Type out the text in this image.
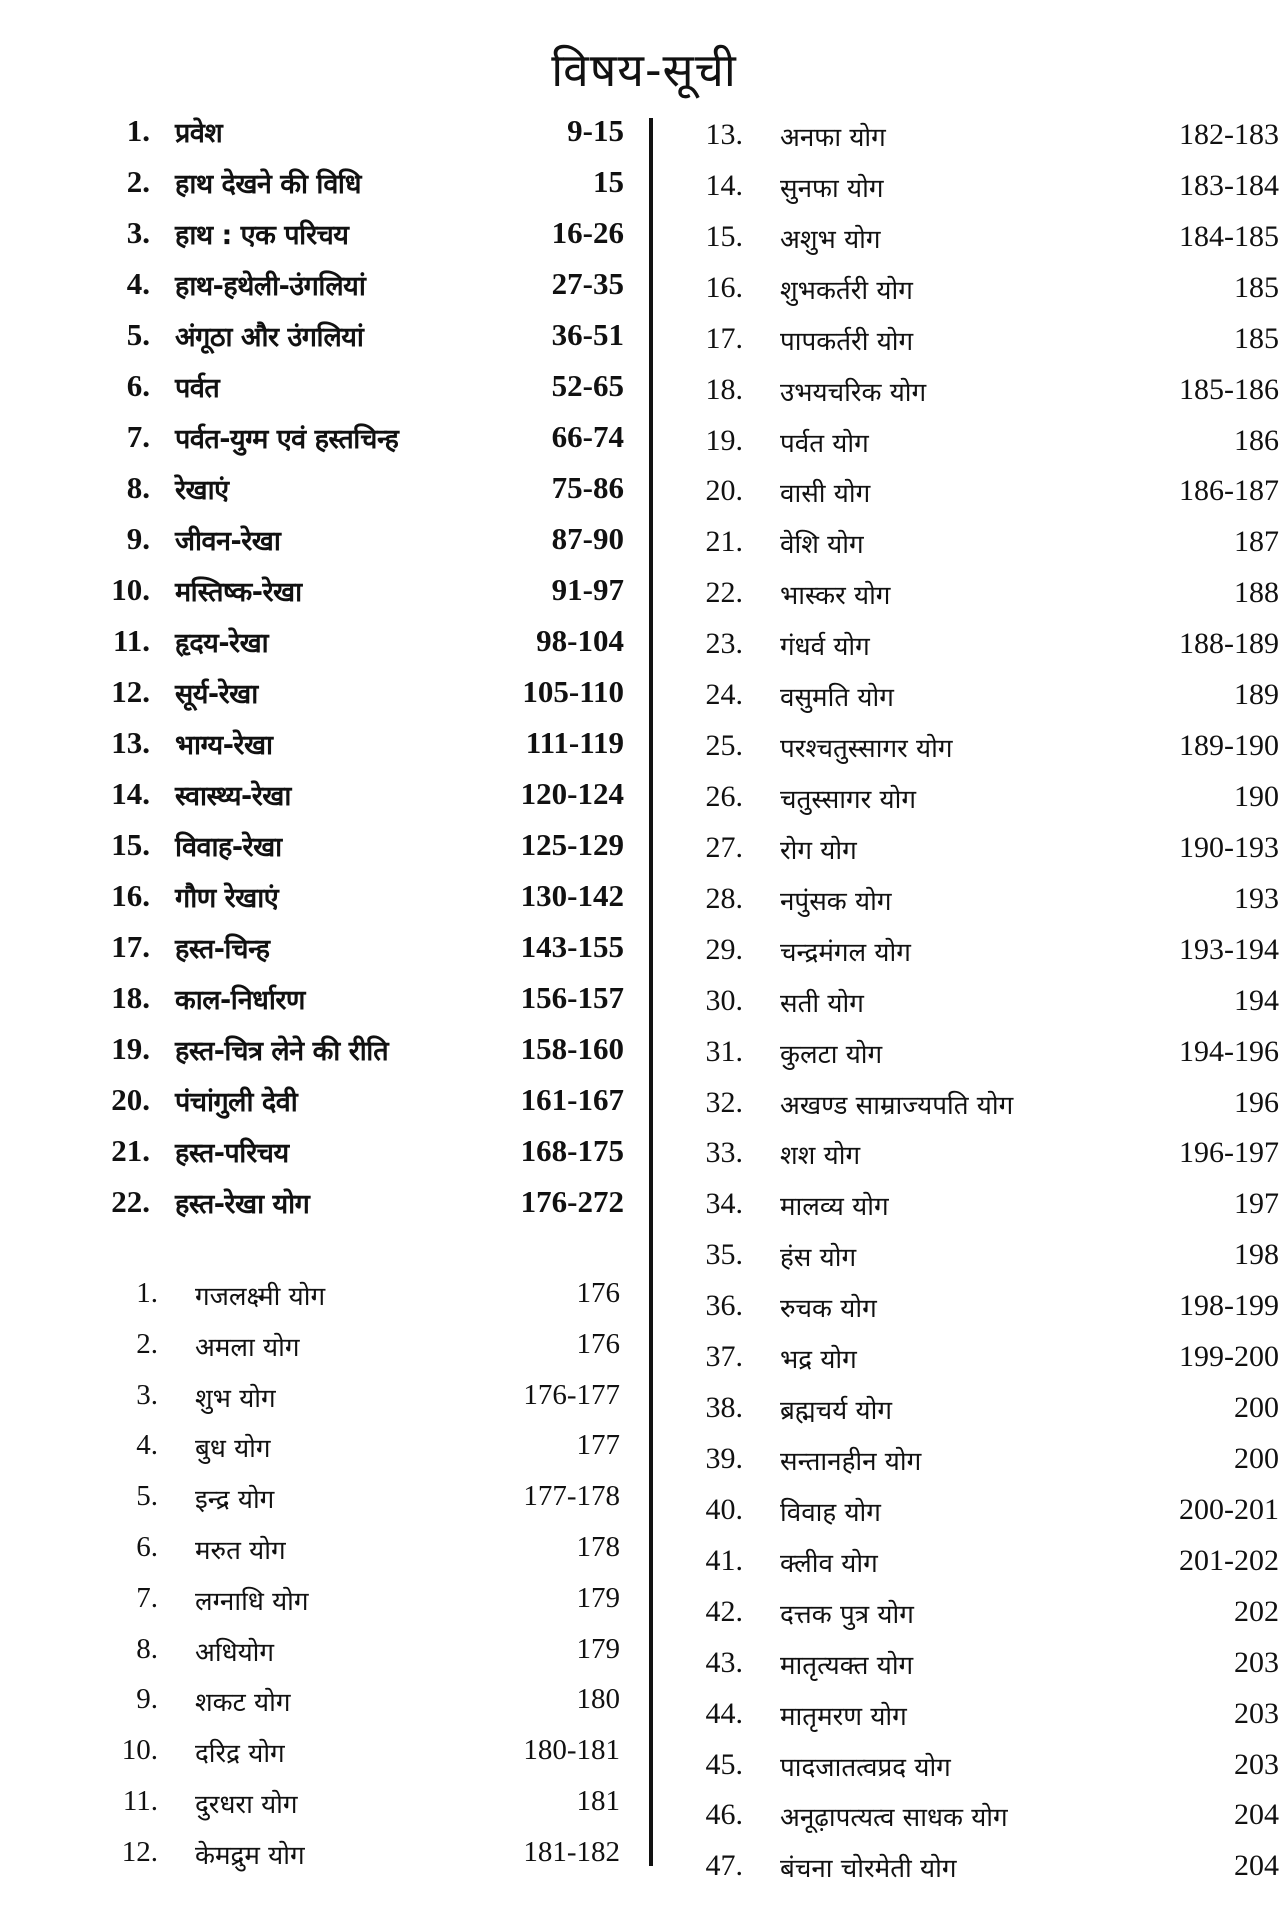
विषय-सूची
1. प्रवेश	9-15
2. हाथ देखने की विधि	15
3. हाथ : एक परिचय	16-26
4. हाथ-हथेली-उंगलियां	27-35
5. अंगूठा और उंगलियां	36-51
6. पर्वत	52-65
7. पर्वत-युग्म एवं हस्तचिन्ह	66-74
8. रेखाएं	75-86
9. जीवन-रेखा	87-90
10. मस्तिष्क-रेखा	91-97
11. हृदय-रेखा	98-104
12. सूर्य-रेखा	105-110
13. भाग्य-रेखा	111-119
14. स्वास्थ्य-रेखा	120-124
15. विवाह-रेखा	125-129
16. गौण रेखाएं	130-142
17. हस्त-चिन्ह	143-155
18. काल-निर्धारण	156-157
19. हस्त-चित्र लेने की रीति	158-160
20. पंचांगुली देवी	161-167
21. हस्त-परिचय	168-175
22. हस्त-रेखा योग	176-272
1. गजलक्ष्मी योग	176
2. अमला योग	176
3. शुभ योग	176-177
4. बुध योग	177
5. इन्द्र योग	177-178
6. मरुत योग	178
7. लग्नाधि योग	179
8. अधियोग	179
9. शकट योग	180
10. दरिद्र योग	180-181
11. दुरधरा योग	181
12. केमद्रुम योग	181-182
13. अनफा योग	182-183
14. सुनफा योग	183-184
15. अशुभ योग	184-185
16. शुभकर्तरी योग	185
17. पापकर्तरी योग	185
18. उभयचरिक योग	185-186
19. पर्वत योग	186
20. वासी योग	186-187
21. वेशि योग	187
22. भास्कर योग	188
23. गंधर्व योग	188-189
24. वसुमति योग	189
25. परश्चतुस्सागर योग	189-190
26. चतुस्सागर योग	190
27. रोग योग	190-193
28. नपुंसक योग	193
29. चन्द्रमंगल योग	193-194
30. सती योग	194
31. कुलटा योग	194-196
32. अखण्ड साम्राज्यपति योग	196
33. शश योग	196-197
34. मालव्य योग	197
35. हंस योग	198
36. रुचक योग	198-199
37. भद्र योग	199-200
38. ब्रह्मचर्य योग	200
39. सन्तानहीन योग	200
40. विवाह योग	200-201
41. क्लीव योग	201-202
42. दत्तक पुत्र योग	202
43. मातृत्यक्त योग	203
44. मातृमरण योग	203
45. पादजातत्वप्रद योग	203
46. अनूढ़ापत्यत्व साधक योग	204
47. बंचना चोरमेती योग	204
